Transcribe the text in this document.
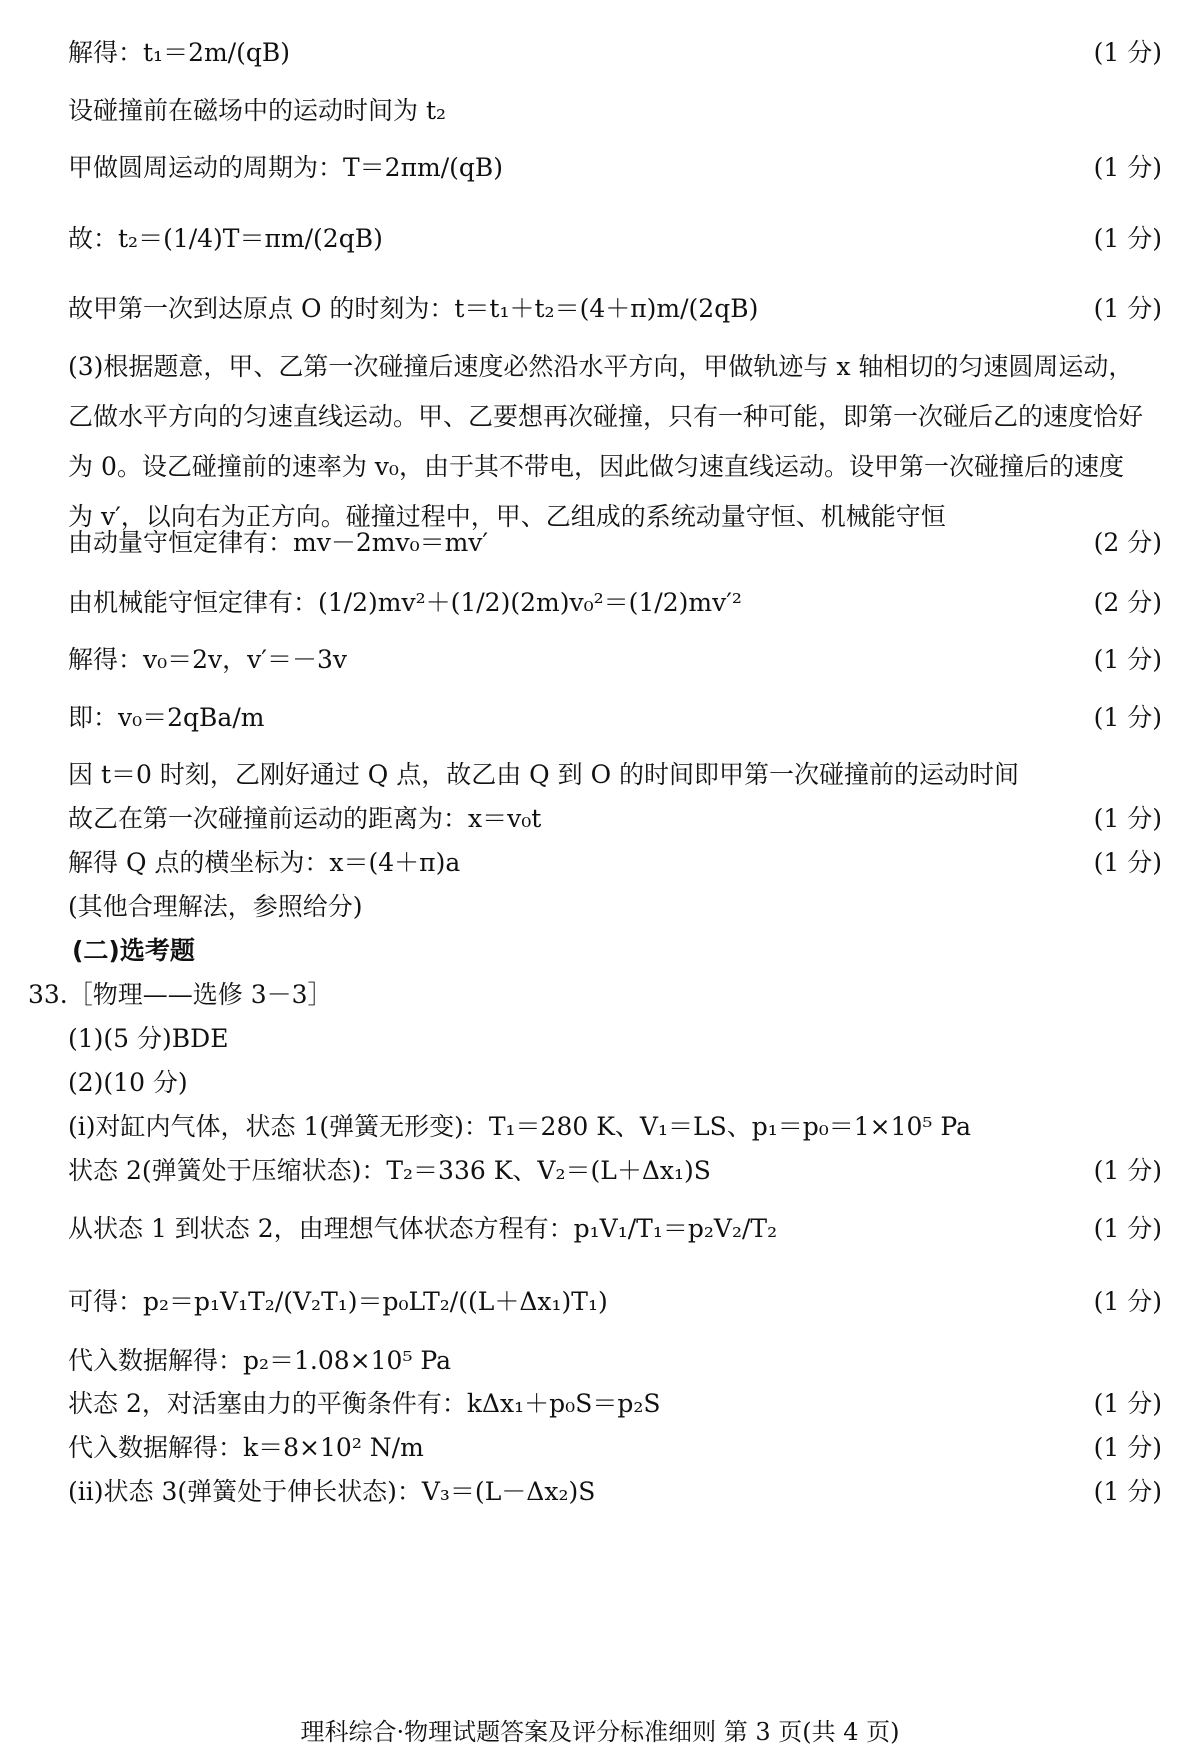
解得：t₁＝2m/(qB)	(1 分)
设碰撞前在磁场中的运动时间为 t₂
甲做圆周运动的周期为：T＝2πm/(qB)	(1 分)
故：t₂＝(1/4)T＝πm/(2qB)	(1 分)
故甲第一次到达原点 O 的时刻为：t＝t₁＋t₂＝(4＋π)m/(2qB)	(1 分)
(3)根据题意，甲、乙第一次碰撞后速度必然沿水平方向，甲做轨迹与 x 轴相切的匀速圆周运动，乙做水平方向的匀速直线运动。甲、乙要想再次碰撞，只有一种可能，即第一次碰后乙的速度恰好为 0。设乙碰撞前的速率为 v₀，由于其不带电，因此做匀速直线运动。设甲第一次碰撞后的速度为 v′，以向右为正方向。碰撞过程中，甲、乙组成的系统动量守恒、机械能守恒
由动量守恒定律有：mv－2mv₀＝mv′	(2 分)
由机械能守恒定律有：(1/2)mv²＋(1/2)(2m)v₀²＝(1/2)mv′²	(2 分)
解得：v₀＝2v，v′＝－3v	(1 分)
即：v₀＝2qBa/m	(1 分)
因 t＝0 时刻，乙刚好通过 Q 点，故乙由 Q 到 O 的时间即甲第一次碰撞前的运动时间
故乙在第一次碰撞前运动的距离为：x＝v₀t	(1 分)
解得 Q 点的横坐标为：x＝(4＋π)a	(1 分)
(其他合理解法，参照给分)
(二)选考题
33.［物理——选修 3－3］
(1)(5 分)BDE
(2)(10 分)
(ⅰ)对缸内气体，状态 1(弹簧无形变)：T₁＝280 K、V₁＝LS、p₁＝p₀＝1×10⁵ Pa
状态 2(弹簧处于压缩状态)：T₂＝336 K、V₂＝(L＋Δx₁)S	(1 分)
从状态 1 到状态 2，由理想气体状态方程有：p₁V₁/T₁＝p₂V₂/T₂	(1 分)
可得：p₂＝p₁V₁T₂/(V₂T₁)＝p₀LT₂/((L＋Δx₁)T₁)	(1 分)
代入数据解得：p₂＝1.08×10⁵ Pa
状态 2，对活塞由力的平衡条件有：kΔx₁＋p₀S＝p₂S	(1 分)
代入数据解得：k＝8×10² N/m	(1 分)
(ⅱ)状态 3(弹簧处于伸长状态)：V₃＝(L－Δx₂)S	(1 分)
理科综合·物理试题答案及评分标准细则 第 3 页(共 4 页)
